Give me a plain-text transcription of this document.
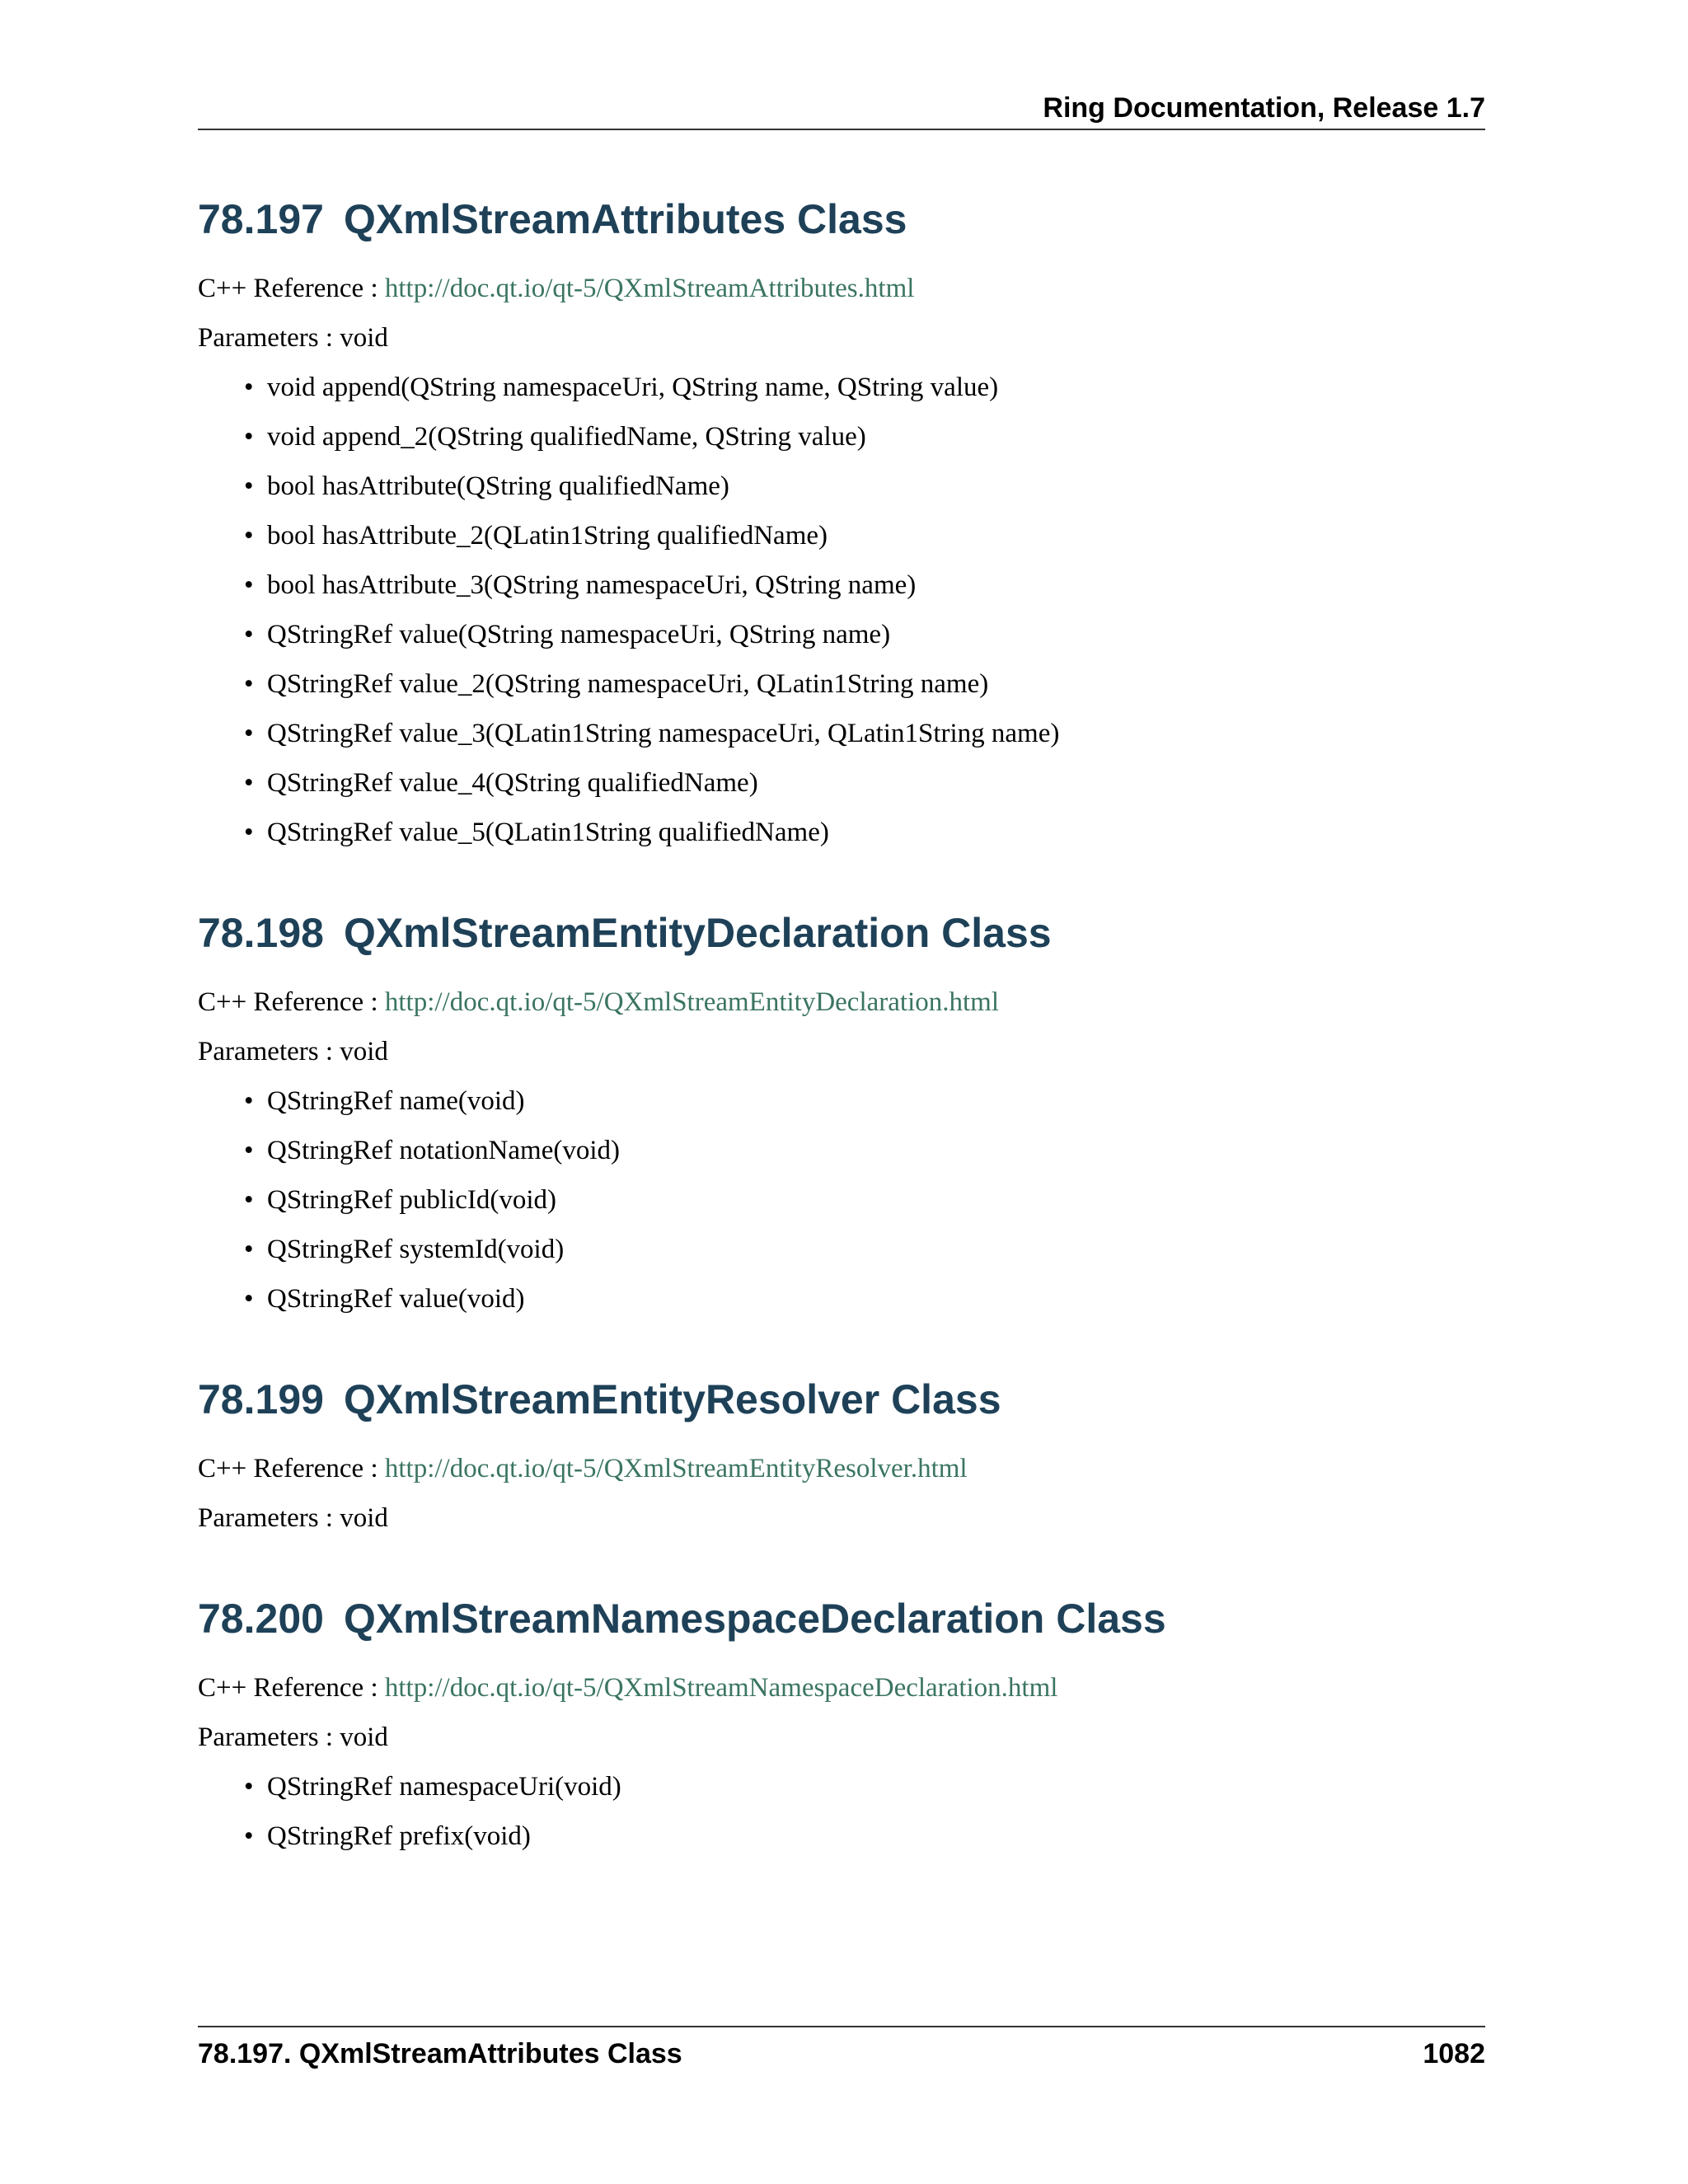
Ring Documentation, Release 1.7
78.197 QXmlStreamAttributes Class
C++ Reference : http://doc.qt.io/qt-5/QXmlStreamAttributes.html
Parameters : void
• void append(QString namespaceUri, QString name, QString value)
• void append_2(QString qualifiedName, QString value)
• bool hasAttribute(QString qualifiedName)
• bool hasAttribute_2(QLatin1String qualifiedName)
• bool hasAttribute_3(QString namespaceUri, QString name)
• QStringRef value(QString namespaceUri, QString name)
• QStringRef value_2(QString namespaceUri, QLatin1String name)
• QStringRef value_3(QLatin1String namespaceUri, QLatin1String name)
• QStringRef value_4(QString qualifiedName)
• QStringRef value_5(QLatin1String qualifiedName)
78.198 QXmlStreamEntityDeclaration Class
C++ Reference : http://doc.qt.io/qt-5/QXmlStreamEntityDeclaration.html
Parameters : void
• QStringRef name(void)
• QStringRef notationName(void)
• QStringRef publicId(void)
• QStringRef systemId(void)
• QStringRef value(void)
78.199 QXmlStreamEntityResolver Class
C++ Reference : http://doc.qt.io/qt-5/QXmlStreamEntityResolver.html
Parameters : void
78.200 QXmlStreamNamespaceDeclaration Class
C++ Reference : http://doc.qt.io/qt-5/QXmlStreamNamespaceDeclaration.html
Parameters : void
• QStringRef namespaceUri(void)
• QStringRef prefix(void)
78.197. QXmlStreamAttributes Class	1082
